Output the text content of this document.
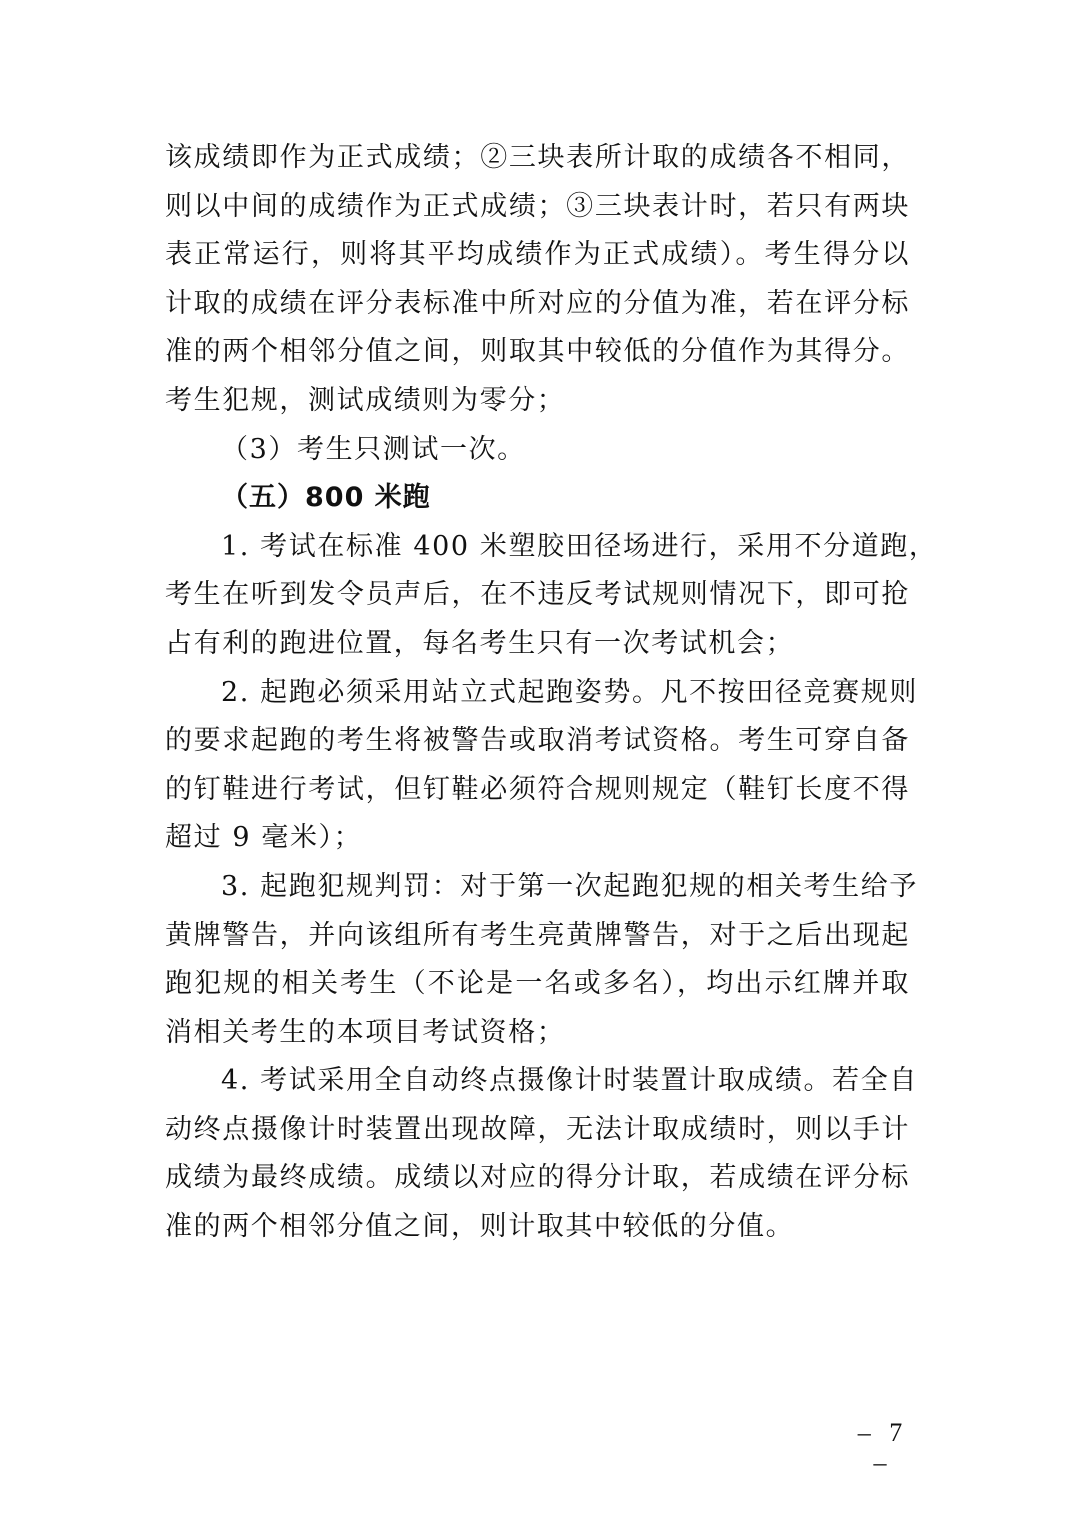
该成绩即作为正式成绩；②三块表所计取的成绩各不相同，
则以中间的成绩作为正式成绩；③三块表计时，若只有两块
表正常运行，则将其平均成绩作为正式成绩）。考生得分以
计取的成绩在评分表标准中所对应的分值为准，若在评分标
准的两个相邻分值之间，则取其中较低的分值作为其得分。
考生犯规，测试成绩则为零分；
（3）考生只测试一次。
（五）800 米跑
1. 考试在标准 400 米塑胶田径场进行，采用不分道跑，
考生在听到发令员声后，在不违反考试规则情况下，即可抢
占有利的跑进位置，每名考生只有一次考试机会；
2. 起跑必须采用站立式起跑姿势。凡不按田径竞赛规则
的要求起跑的考生将被警告或取消考试资格。考生可穿自备
的钉鞋进行考试，但钉鞋必须符合规则规定（鞋钉长度不得
超过 9 毫米）；
3. 起跑犯规判罚：对于第一次起跑犯规的相关考生给予
黄牌警告，并向该组所有考生亮黄牌警告，对于之后出现起
跑犯规的相关考生（不论是一名或多名），均出示红牌并取
消相关考生的本项目考试资格；
4. 考试采用全自动终点摄像计时装置计取成绩。若全自
动终点摄像计时装置出现故障，无法计取成绩时，则以手计
成绩为最终成绩。成绩以对应的得分计取，若成绩在评分标
准的两个相邻分值之间，则计取其中较低的分值。
– 7 –
